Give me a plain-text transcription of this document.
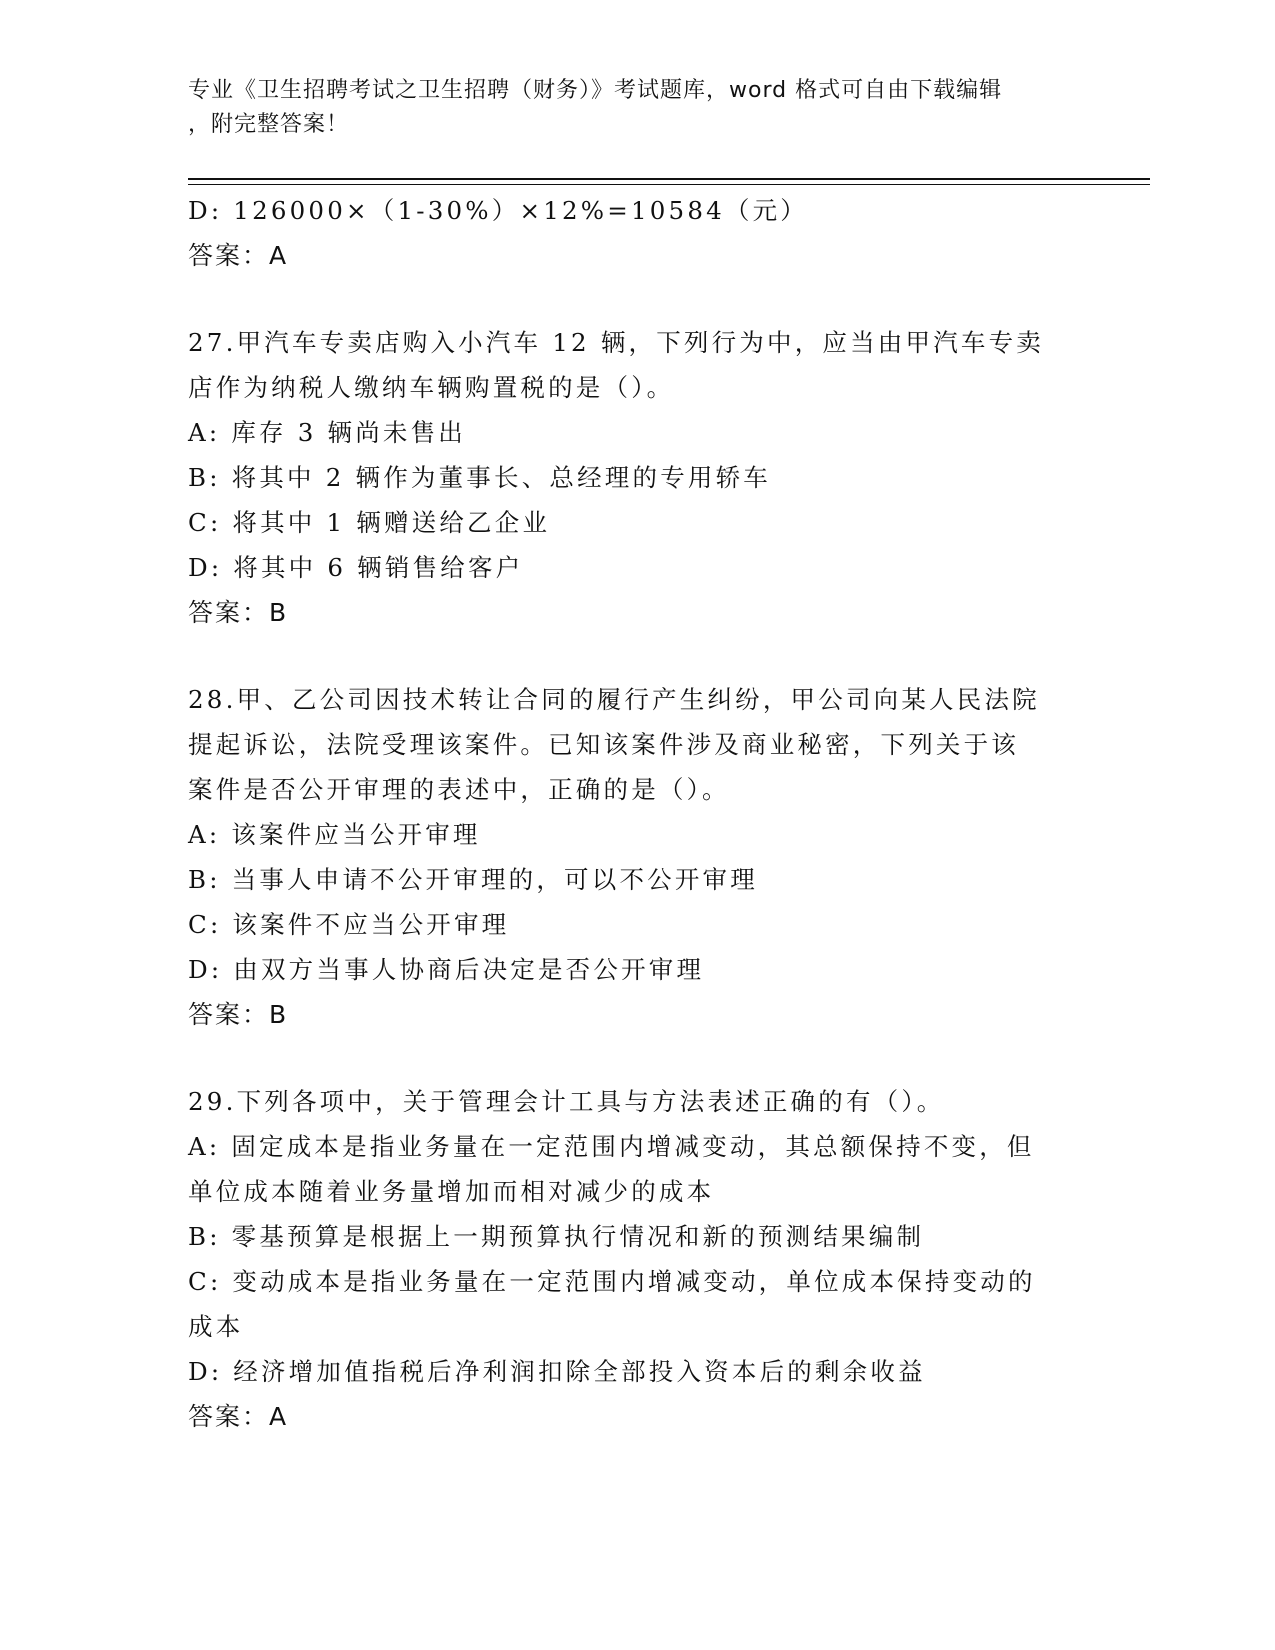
专业《卫生招聘考试之卫生招聘（财务）》考试题库，word 格式可自由下载编辑
，附完整答案！
D: 126000×（1-30%）×12%=10584（元）
答案：A
27.甲汽车专卖店购入小汽车 12 辆，下列行为中，应当由甲汽车专卖
店作为纳税人缴纳车辆购置税的是（）。
A: 库存 3 辆尚未售出
B: 将其中 2 辆作为董事长、总经理的专用轿车
C: 将其中 1 辆赠送给乙企业
D: 将其中 6 辆销售给客户
答案：B
28.甲、乙公司因技术转让合同的履行产生纠纷，甲公司向某人民法院
提起诉讼，法院受理该案件。已知该案件涉及商业秘密，下列关于该
案件是否公开审理的表述中，正确的是（）。
A: 该案件应当公开审理
B: 当事人申请不公开审理的，可以不公开审理
C: 该案件不应当公开审理
D: 由双方当事人协商后决定是否公开审理
答案：B
29.下列各项中，关于管理会计工具与方法表述正确的有（）。
A: 固定成本是指业务量在一定范围内增减变动，其总额保持不变，但
单位成本随着业务量增加而相对减少的成本
B: 零基预算是根据上一期预算执行情况和新的预测结果编制
C: 变动成本是指业务量在一定范围内增减变动，单位成本保持变动的
成本
D: 经济增加值指税后净利润扣除全部投入资本后的剩余收益
答案：A
